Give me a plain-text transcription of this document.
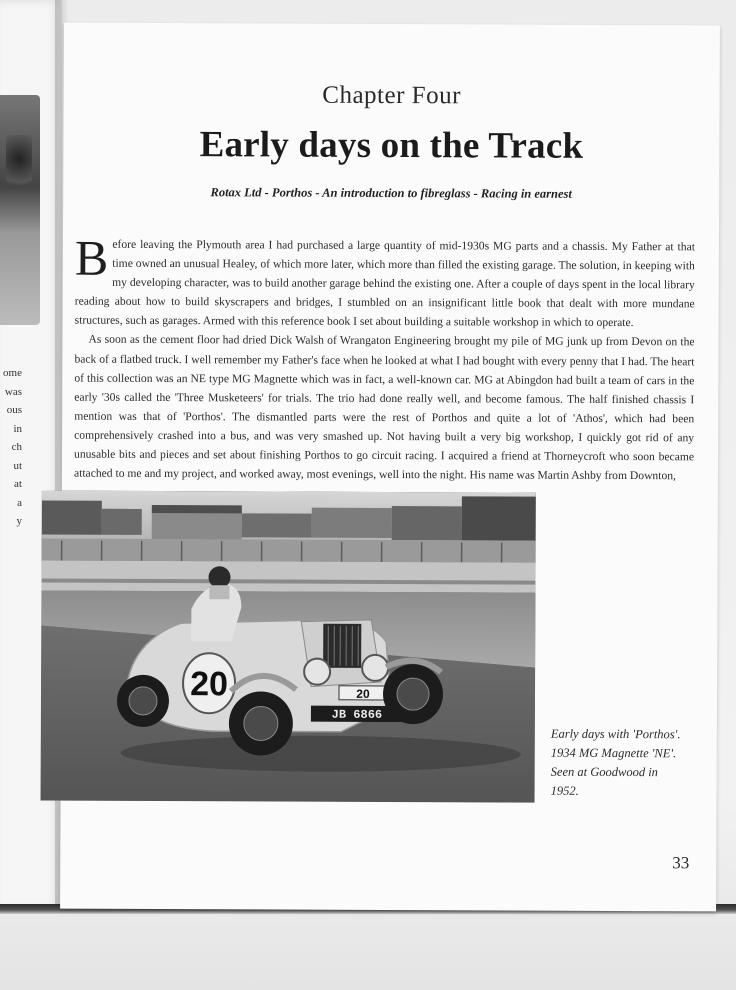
ome
was
ous
in
ch
ut
at
a
y
Chapter Four
Early days on the Track
Rotax Ltd - Porthos - An introduction to fibreglass - Racing in earnest

Before leaving the Plymouth area I had purchased a large quantity of mid-1930s MG parts and a chassis. My Father at that time owned an unusual Healey, of which more later, which more than filled the existing garage. The solution, in keeping with my developing character, was to build another garage behind the existing one. After a couple of days spent in the local library reading about how to build skyscrapers and bridges, I stumbled on an insignificant little book that dealt with more mundane structures, such as garages. Armed with this reference book I set about building a suitable workshop in which to operate.

As soon as the cement floor had dried Dick Walsh of Wrangaton Engineering brought my pile of MG junk up from Devon on the back of a flatbed truck. I well remember my Father's face when he looked at what I had bought with every penny that I had. The heart of this collection was an NE type MG Magnette which was in fact, a well-known car. MG at Abingdon had built a team of cars in the early '30s called the 'Three Musketeers' for trials. The trio had done really well, and become famous. The half finished chassis I mention was that of 'Porthos'. The dismantled parts were the rest of Porthos and quite a lot of 'Athos', which had been comprehensively crashed into a bus, and was very smashed up. Not having built a very big workshop, I quickly got rid of any unusable bits and pieces and set about finishing Porthos to go circuit racing. I acquired a friend at Thorneycroft who soon became attached to me and my project, and worked away, most evenings, well into the night. His name was Martin Ashby from Downton,

20	20
JB 6866
Early days with 'Porthos'.
1934 MG Magnette 'NE'.
Seen at Goodwood in
1952.
33
